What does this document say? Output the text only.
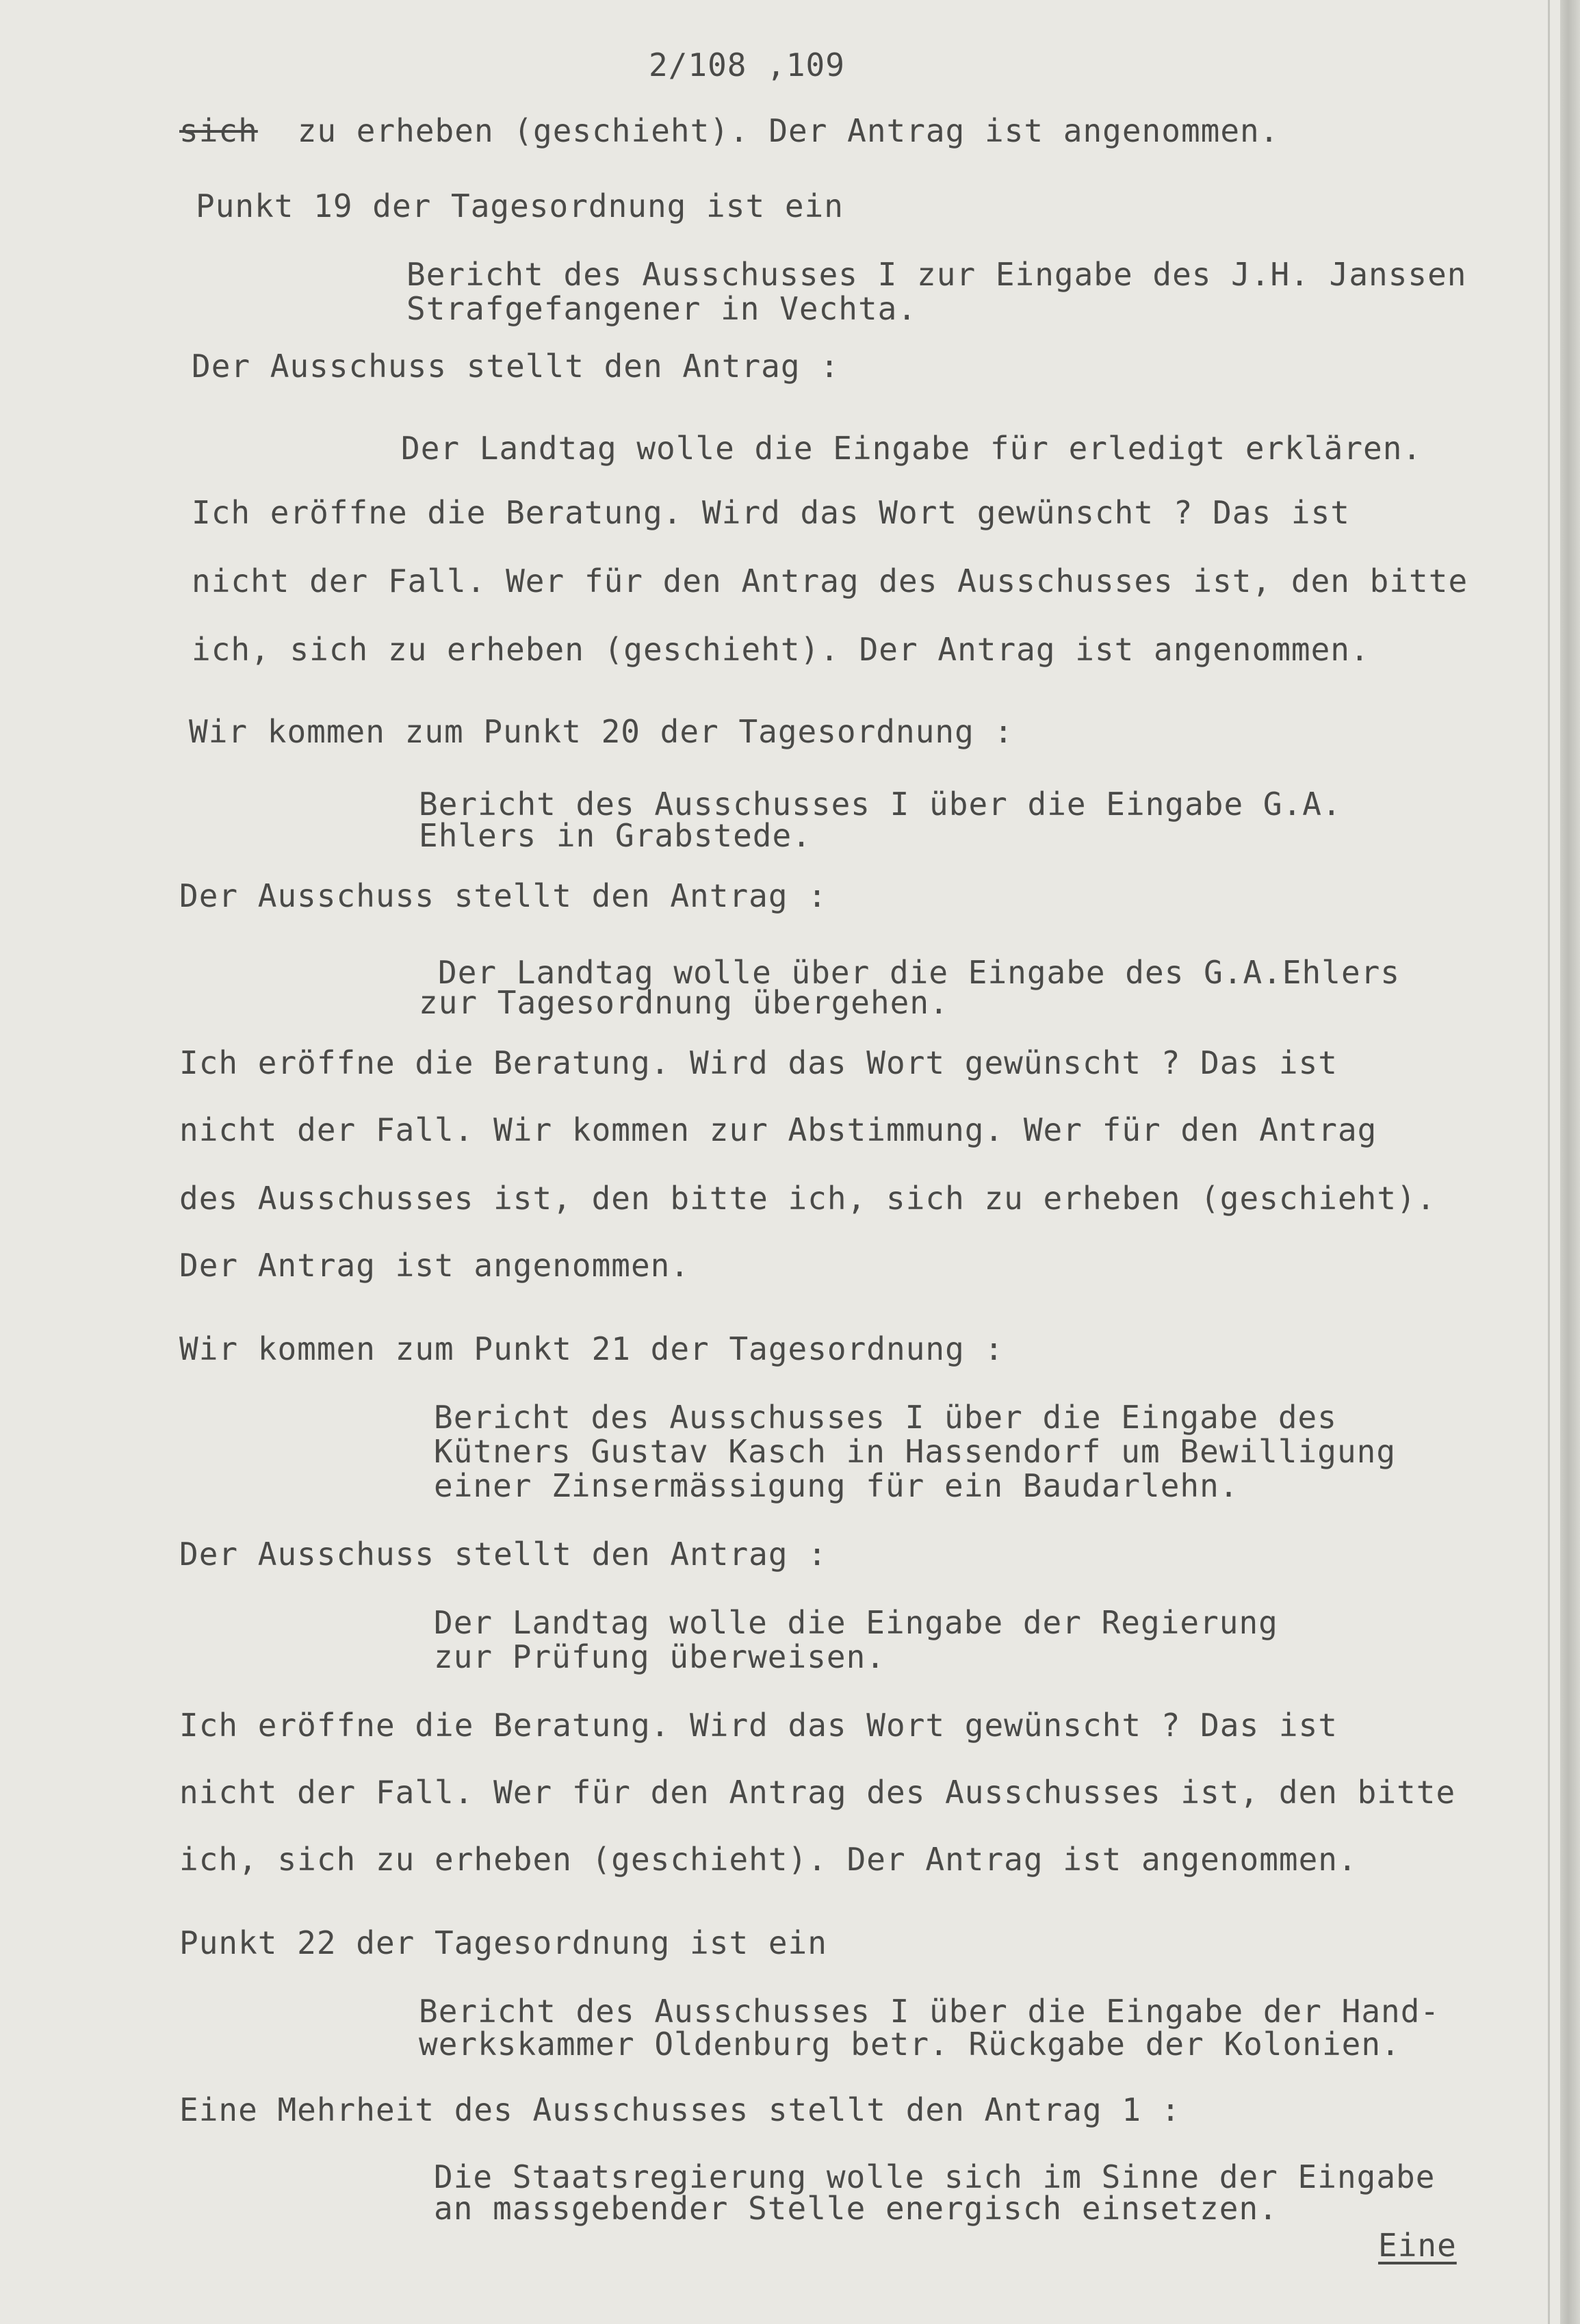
2/108 ,109
sich zu erheben (geschieht). Der Antrag ist angenommen.
Punkt 19 der Tagesordnung ist ein
Bericht des Ausschusses I zur Eingabe des J.H. Janssen
Strafgefangener in Vechta.
Der Ausschuss stellt den Antrag :
Der Landtag wolle die Eingabe für erledigt erklären.
Ich eröffne die Beratung. Wird das Wort gewünscht ? Das ist
nicht der Fall. Wer für den Antrag des Ausschusses ist, den bitte
ich, sich zu erheben (geschieht). Der Antrag ist angenommen.
Wir kommen zum Punkt 20 der Tagesordnung :
Bericht des Ausschusses I über die Eingabe G.A.
Ehlers in Grabstede.
Der Ausschuss stellt den Antrag :
Der Landtag wolle über die Eingabe des G.A.Ehlers
zur Tagesordnung übergehen.
Ich eröffne die Beratung. Wird das Wort gewünscht ? Das ist
nicht der Fall. Wir kommen zur Abstimmung. Wer für den Antrag
des Ausschusses ist, den bitte ich, sich zu erheben (geschieht).
Der Antrag ist angenommen.
Wir kommen zum Punkt 21 der Tagesordnung :
Bericht des Ausschusses I über die Eingabe des
Kütners Gustav Kasch in Hassendorf um Bewilligung
einer Zinsermässigung für ein Baudarlehn.
Der Ausschuss stellt den Antrag :
Der Landtag wolle die Eingabe der Regierung
zur Prüfung überweisen.
Ich eröffne die Beratung. Wird das Wort gewünscht ? Das ist
nicht der Fall. Wer für den Antrag des Ausschusses ist, den bitte
ich, sich zu erheben (geschieht). Der Antrag ist angenommen.
Punkt 22 der Tagesordnung ist ein
Bericht des Ausschusses I über die Eingabe der Hand-
werkskammer Oldenburg betr. Rückgabe der Kolonien.
Eine Mehrheit des Ausschusses stellt den Antrag 1 :
Die Staatsregierung wolle sich im Sinne der Eingabe
an massgebender Stelle energisch einsetzen.
Eine
